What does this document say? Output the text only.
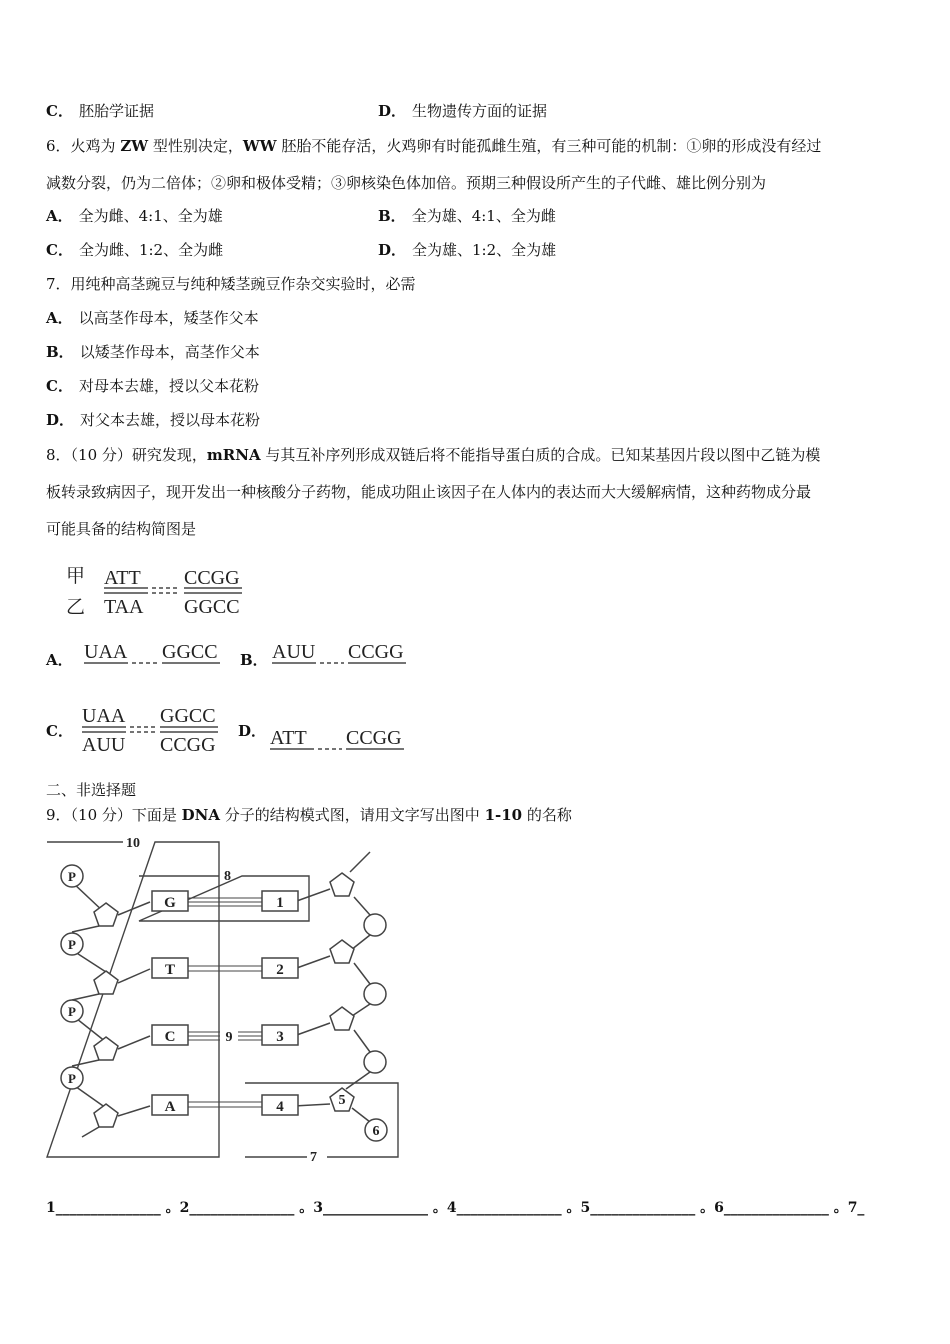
C． 胚胎学证据	D． 生物遗传方面的证据
6．火鸡为 ZW 型性别决定，WW 胚胎不能存活，火鸡卵有时能孤雌生殖，有三种可能的机制：①卵的形成没有经过
减数分裂，仍为二倍体；②卵和极体受精；③卵核染色体加倍。预期三种假设所产生的子代雌、雄比例分别为
A． 全为雌、4:1、全为雄	B． 全为雄、4:1、全为雌
C． 全为雌、1:2、全为雌	D． 全为雄、1:2、全为雄
7．用纯种高茎豌豆与纯种矮茎豌豆作杂交实验时，必需
A． 以高茎作母本，矮茎作父本
B． 以矮茎作母本，高茎作父本
C． 对母本去雄，授以父本花粉
D． 对父本去雄，授以母本花粉
8．（10 分）研究发现，mRNA 与其互补序列形成双链后将不能指导蛋白质的合成。已知某基因片段以图中乙链为模
板转录致病因子，现开发出一种核酸分子药物，能成功阻止该因子在人体内的表达而大大缓解病情，这种药物成分最
可能具备的结构简图是
甲
乙
ATT CCGG
TAA GGCC
A． UAA GGCC B． AUU CCGG
C．
UAA GGCC
AUU CCGG
D． ATT CCGG
二、非选择题
9．（10 分）下面是 DNA 分子的结构模式图，请用文字写出图中 1-10 的名称
10
8
7
P
P
P
P
G
T
C
A
1
2
3
4
9
5
6
1_______________ 。2_______________ 。3_______________ 。4_______________ 。5_______________ 。6_______________ 。7_
